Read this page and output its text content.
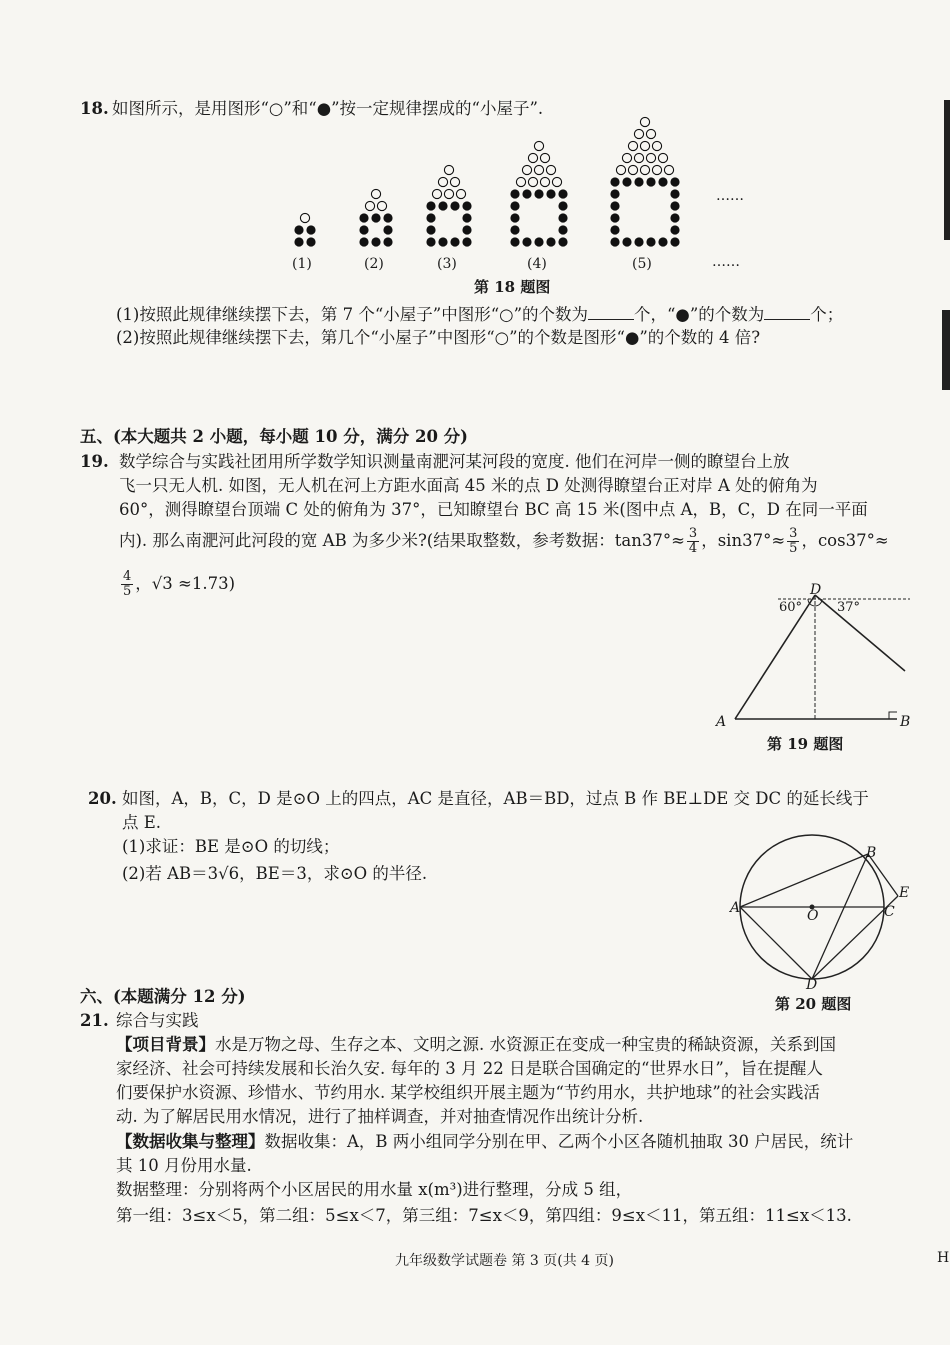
18. 如图所示，是用图形“○”和“●”按一定规律摆成的“小屋子”.
(1)	(2)	(3)	(4)	(5)
……
……
第 18 题图
(1)按照此规律继续摆下去，第 7 个“小屋子”中图形“○”的个数为	个，“●”的个数为	个；
(2)按照此规律继续摆下去，第几个“小屋子”中图形“○”的个数是图形“●”的个数的 4 倍?
五、(本大题共 2 小题，每小题 10 分，满分 20 分)
19. 数学综合与实践社团用所学数学知识测量南淝河某河段的宽度. 他们在河岸一侧的瞭望台上放
飞一只无人机. 如图，无人机在河上方距水面高 45 米的点 D 处测得瞭望台正对岸 A 处的俯角为
60°，测得瞭望台顶端 C 处的俯角为 37°，已知瞭望台 BC 高 15 米(图中点 A，B，C，D 在同一平面
内). 那么南淝河此河段的宽 AB 为多少米?(结果取整数，参考数据：$\tan 37^\circ\approx \frac{3}{4}$ ，$\sin 37^\circ\approx \frac{3}{5}$ ，cos37°≈
$\frac{4}{5}$ ，√3 ≈1.73)	D
60°	37°
A	B
第 19 题图
20. 如图，A，B，C，D 是⊙O 上的四点，AC 是直径，AB＝BD，过点 B 作 BE⊥DE 交 DC 的延长线于
点 E.
(1)求证：BE 是⊙O 的切线；
(2)若 AB＝3√6，BE＝3，求⊙O 的半径.
B
E
A	O	C
D
第 20 题图
六、(本题满分 12 分)
21. 综合与实践
【项目背景】水是万物之母、生存之本、文明之源. 水资源正在变成一种宝贵的稀缺资源，关系到国
家经济、社会可持续发展和长治久安. 每年的 3 月 22 日是联合国确定的“世界水日”，旨在提醒人
们要保护水资源、珍惜水、节约用水. 某学校组织开展主题为“节约用水，共护地球”的社会实践活
动. 为了解居民用水情况，进行了抽样调查，并对抽查情况作出统计分析.
【数据收集与整理】数据收集：A，B 两小组同学分别在甲、乙两个小区各随机抽取 30 户居民，统计
其 10 月份用水量.
数据整理：分别将两个小区居民的用水量 x(m³)进行整理，分成 5 组，
第一组：3≤x＜5，第二组：5≤x＜7，第三组：7≤x＜9，第四组：9≤x＜11，第五组：11≤x＜13.
九年级数学试题卷 第 3 页(共 4 页)	H
